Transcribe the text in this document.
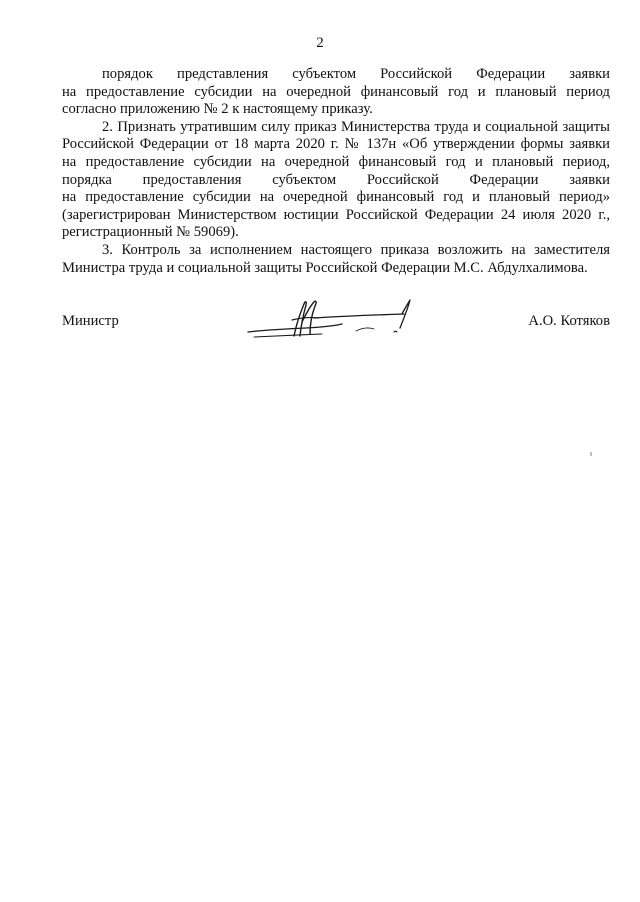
2
порядок представления субъектом Российской Федерации заявки
на предоставление субсидии на очередной финансовый год и плановый период
согласно приложению № 2 к настоящему приказу.
2. Признать утратившим силу приказ Министерства труда и социальной защиты
Российской Федерации от 18 марта 2020 г. № 137н «Об утверждении формы заявки
на предоставление субсидии на очередной финансовый год и плановый период,
порядка предоставления субъектом Российской Федерации заявки
на предоставление субсидии на очередной финансовый год и плановый период»
(зарегистрирован Министерством юстиции Российской Федерации 24 июля 2020 г.,
регистрационный № 59069).
3. Контроль за исполнением настоящего приказа возложить на заместителя
Министра труда и социальной защиты Российской Федерации М.С. Абдулхалимова.
Министр	А.О. Котяков
